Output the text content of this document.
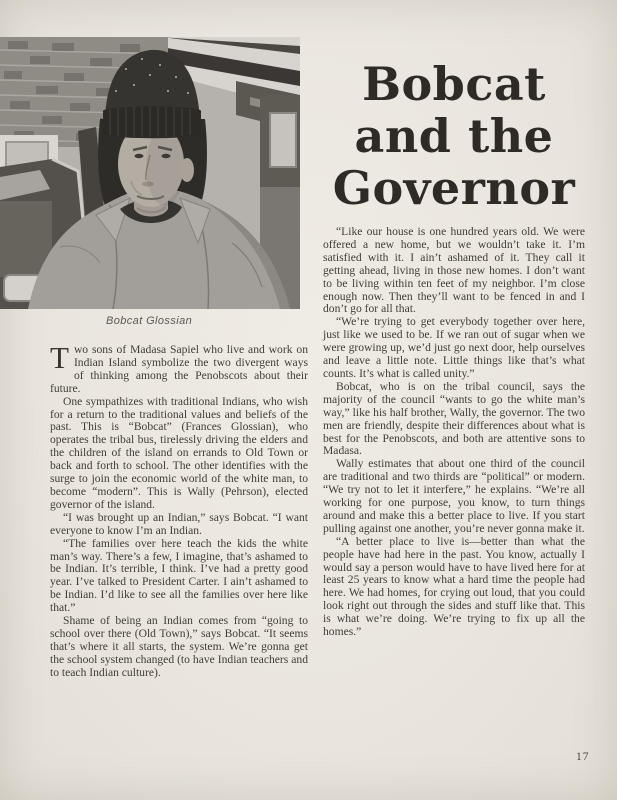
Bobcat Glossian
Bobcat
and the
Governor

Two sons of Madasa Sapiel who live and work on Indian Island symbolize the two divergent ways of thinking among the Penobscots about their future.

One sympathizes with traditional Indians, who wish for a return to the traditional values and beliefs of the past. This is “Bobcat” (Frances Glossian), who operates the tribal bus, tirelessly driving the elders and the children of the island on errands to Old Town or back and forth to school. The other identifies with the surge to join the economic world of the white man, to become “modern”. This is Wally (Pehrson), elected governor of the island.

“I was brought up an Indian,” says Bobcat. “I want everyone to know I’m an Indian.

“The families over here teach the kids the white man’s way. There’s a few, I imagine, that’s ashamed to be Indian. It’s terrible, I think. I’ve had a pretty good year. I’ve talked to President Carter. I ain’t ashamed to be Indian. I’d like to see all the families over here like that.”

Shame of being an Indian comes from “going to school over there (Old Town),” says Bobcat. “It seems that’s where it all starts, the system. We’re gonna get the school system changed (to have Indian teachers and to teach Indian culture).

“Like our house is one hundred years old. We were offered a new home, but we wouldn’t take it. I’m satisfied with it. I ain’t ashamed of it. They call it getting ahead, living in those new homes. I don’t want to be living within ten feet of my neighbor. I’m close enough now. Then they’ll want to be fenced in and I don’t go for all that.

“We’re trying to get everybody together over here, just like we used to be. If we ran out of sugar when we were growing up, we’d just go next door, help ourselves and leave a little note. Little things like that’s what counts. It’s what is called unity.”

Bobcat, who is on the tribal council, says the majority of the council “wants to go the white man’s way,” like his half brother, Wally, the governor. The two men are friendly, despite their differences about what is best for the Penobscots, and both are attentive sons to Madasa.

Wally estimates that about one third of the council are traditional and two thirds are “political” or modern. “We try not to let it interfere,” he explains. “We’re all working for one purpose, you know, to turn things around and make this a better place to live. If you start pulling against one another, you’re never gonna make it.

“A better place to live is—better than what the people have had here in the past. You know, actually I would say a person would have to have lived here for at least 25 years to know what a hard time the people had here. We had homes, for crying out loud, that you could look right out through the sides and stuff like that. This is what we’re doing. We’re trying to fix up all the homes.”

17
